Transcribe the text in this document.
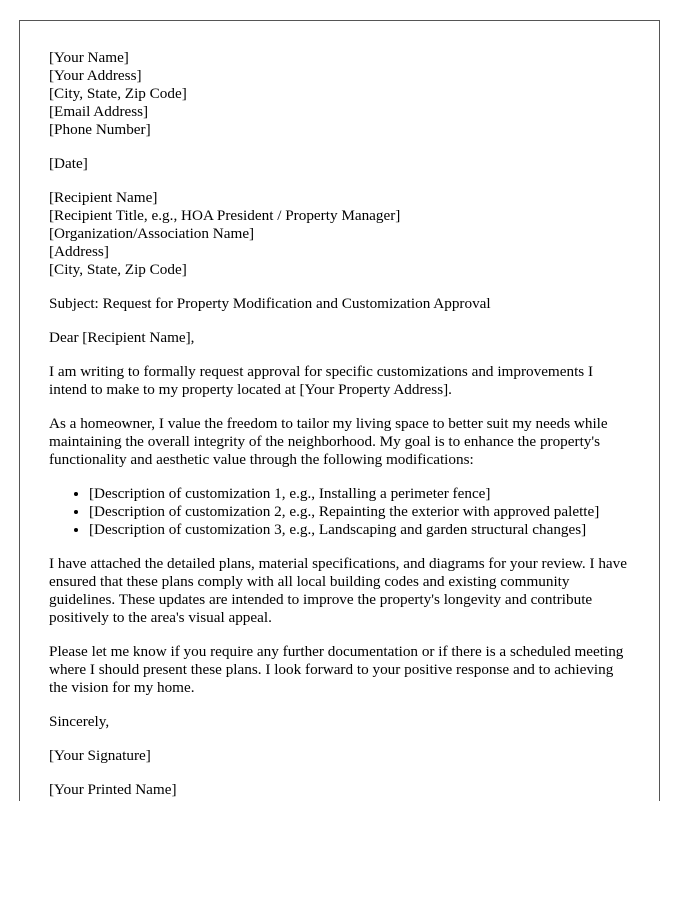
[Your Name]
[Your Address]
[City, State, Zip Code]
[Email Address]
[Phone Number]

[Date]

[Recipient Name]
[Recipient Title, e.g., HOA President / Property Manager]
[Organization/Association Name]
[Address]
[City, State, Zip Code]

Subject: Request for Property Modification and Customization Approval

Dear [Recipient Name],

I am writing to formally request approval for specific customizations and improvements I intend to make to my property located at [Your Property Address].

As a homeowner, I value the freedom to tailor my living space to better suit my needs while maintaining the overall integrity of the neighborhood. My goal is to enhance the property's functionality and aesthetic value through the following modifications:

• [Description of customization 1, e.g., Installing a perimeter fence]
• [Description of customization 2, e.g., Repainting the exterior with approved palette]
• [Description of customization 3, e.g., Landscaping and garden structural changes]

I have attached the detailed plans, material specifications, and diagrams for your review. I have ensured that these plans comply with all local building codes and existing community guidelines. These updates are intended to improve the property's longevity and contribute positively to the area's visual appeal.

Please let me know if you require any further documentation or if there is a scheduled meeting where I should present these plans. I look forward to your positive response and to achieving the vision for my home.

Sincerely,

[Your Signature]

[Your Printed Name]
